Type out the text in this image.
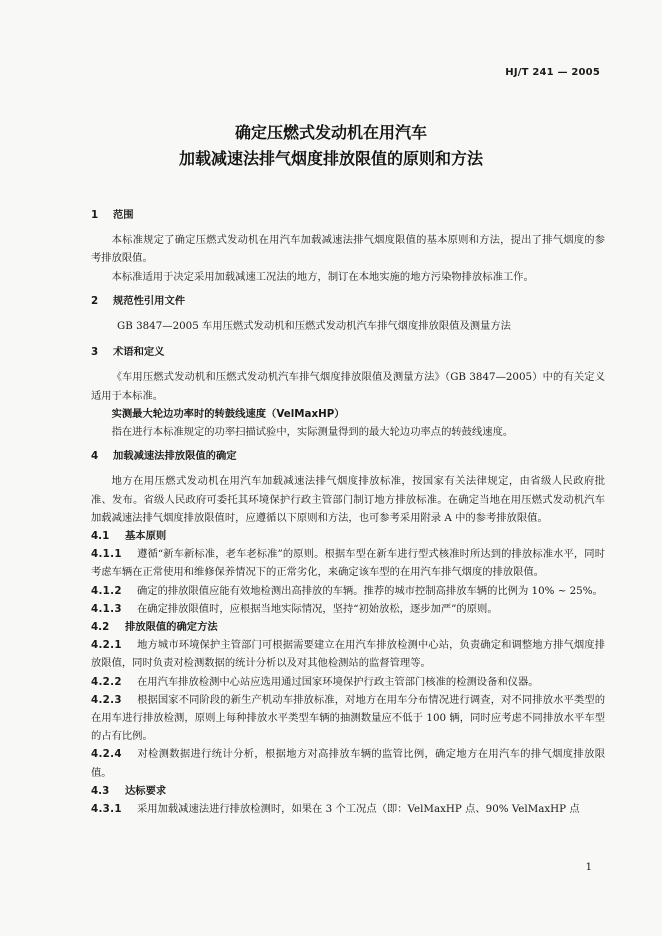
HJ/T 241 — 2005
确定压燃式发动机在用汽车
加载减速法排气烟度排放限值的原则和方法
1 范围

本标准规定了确定压燃式发动机在用汽车加载减速法排气烟度限值的基本原则和方法，提出了排气烟度的参考排放限值。

本标准适用于决定采用加载减速工况法的地方，制订在本地实施的地方污染物排放标准工作。

2 规范性引用文件

GB 3847—2005 车用压燃式发动机和压燃式发动机汽车排气烟度排放限值及测量方法

3 术语和定义

《车用压燃式发动机和压燃式发动机汽车排气烟度排放限值及测量方法》（GB 3847—2005）中的有关定义适用于本标准。

实测最大轮边功率时的转鼓线速度（VelMaxHP）

指在进行本标准规定的功率扫描试验中，实际测量得到的最大轮边功率点的转鼓线速度。

4 加载减速法排放限值的确定

地方在用压燃式发动机在用汽车加载减速法排气烟度排放标准，按国家有关法律规定，由省级人民政府批准、发布。省级人民政府可委托其环境保护行政主管部门制订地方排放标准。在确定当地在用压燃式发动机汽车加载减速法排气烟度排放限值时，应遵循以下原则和方法，也可参考采用附录 A 中的参考排放限值。

4.1 基本原则

4.1.1 遵循“新车新标准，老车老标准”的原则。根据车型在新车进行型式核准时所达到的排放标准水平，同时考虑车辆在正常使用和维修保养情况下的正常劣化，来确定该车型的在用汽车排气烟度的排放限值。

4.1.2 确定的排放限值应能有效地检测出高排放的车辆。推荐的城市控制高排放车辆的比例为 10% ~ 25%。

4.1.3 在确定排放限值时，应根据当地实际情况，坚持“初始放松，逐步加严”的原则。

4.2 排放限值的确定方法

4.2.1 地方城市环境保护主管部门可根据需要建立在用汽车排放检测中心站，负责确定和调整地方排气烟度排放限值，同时负责对检测数据的统计分析以及对其他检测站的监督管理等。

4.2.2 在用汽车排放检测中心站应选用通过国家环境保护行政主管部门核准的检测设备和仪器。

4.2.3 根据国家不同阶段的新生产机动车排放标准，对地方在用车分布情况进行调查，对不同排放水平类型的在用车进行排放检测，原则上每种排放水平类型车辆的抽测数量应不低于 100 辆，同时应考虑不同排放水平车型的占有比例。

4.2.4 对检测数据进行统计分析，根据地方对高排放车辆的监管比例，确定地方在用汽车的排气烟度排放限值。

4.3 达标要求

4.3.1 采用加载减速法进行排放检测时，如果在 3 个工况点（即：VelMaxHP 点、90% VelMaxHP 点

1
